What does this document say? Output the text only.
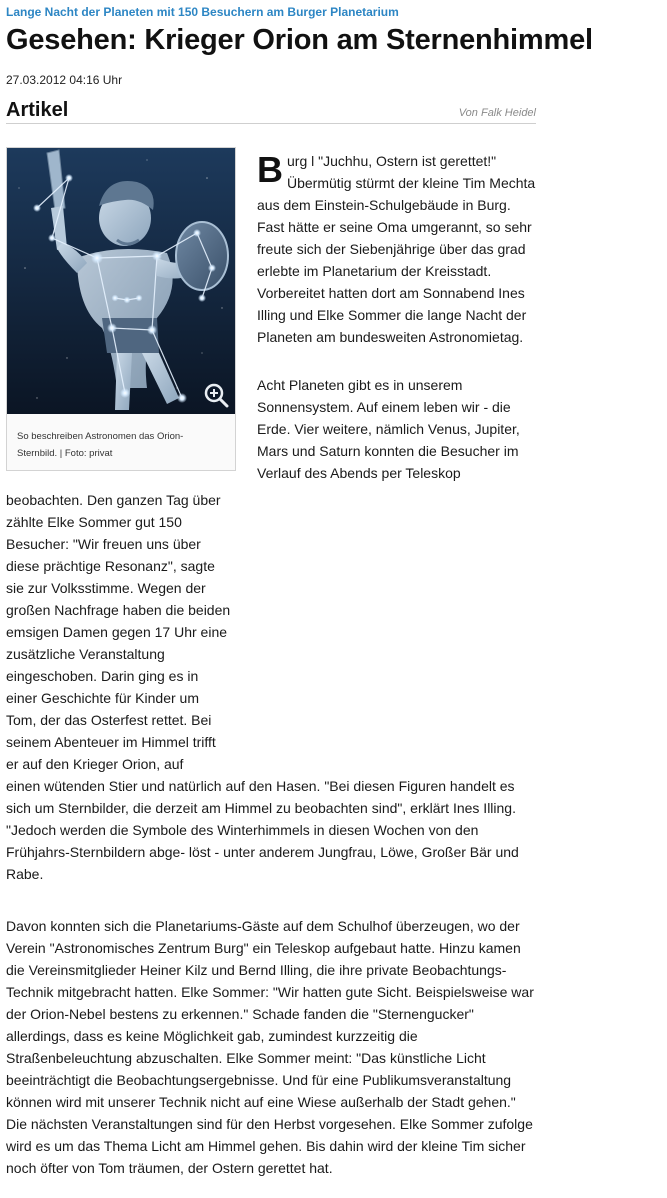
Lange Nacht der Planeten mit 150 Besuchern am Burger Planetarium
Gesehen: Krieger Orion am Sternenhimmel
27.03.2012 04:16 Uhr
Artikel	Von Falk Heidel
So beschreiben Astronomen das Orion-
Sternbild. | Foto: privat

Burg l "Juchhu, Ostern ist gerettet!" Übermütig stürmt der kleine Tim Mechta aus dem Einstein-Schulgebäude in Burg. Fast hätte er seine Oma umgerannt, so sehr freute sich der Siebenjährige über das grad erlebte im Planetarium der Kreisstadt. Vorbereitet hatten dort am Sonnabend Ines Illing und Elke Sommer die lange Nacht der Planeten am bundesweiten Astronomietag.

Acht Planeten gibt es in unserem Sonnensystem. Auf einem leben wir - die Erde. Vier weitere, nämlich Venus, Jupiter, Mars und Saturn konnten die Besucher im Verlauf des Abends per Teleskop

beobachten. Den ganzen Tag über zählte Elke Sommer gut 150 Besucher: "Wir freuen uns über diese prächtige Resonanz", sagte sie zur Volksstimme. Wegen der großen Nachfrage haben die beiden emsigen Damen gegen 17 Uhr eine zusätzliche Veranstaltung eingeschoben. Darin ging es in einer Geschichte für Kinder um Tom, der das Osterfest rettet. Bei seinem Abenteuer im Himmel trifft er auf den Krieger Orion, auf

einen wütenden Stier und natürlich auf den Hasen. "Bei diesen Figuren handelt es sich um Sternbilder, die derzeit am Himmel zu beobachten sind", erklärt Ines Illing. "Jedoch werden die Symbole des Winterhimmels in diesen Wochen von den Frühjahrs-Sternbildern abge- löst - unter anderem Jungfrau, Löwe, Großer Bär und Rabe.

Davon konnten sich die Planetariums-Gäste auf dem Schulhof überzeugen, wo der Verein "Astronomisches Zentrum Burg" ein Teleskop aufgebaut hatte. Hinzu kamen die Vereinsmitglieder Heiner Kilz und Bernd Illing, die ihre private Beobachtungs-Technik mitgebracht hatten. Elke Sommer: "Wir hatten gute Sicht. Beispielsweise war der Orion-Nebel bestens zu erkennen." Schade fanden die "Sternengucker" allerdings, dass es keine Möglichkeit gab, zumindest kurzzeitig die Straßenbeleuchtung abzuschalten. Elke Sommer meint: "Das künstliche Licht beeinträchtigt die Beobachtungsergebnisse. Und für eine Publikumsveranstaltung können wird mit unserer Technik nicht auf eine Wiese außerhalb der Stadt gehen." Die nächsten Veranstaltungen sind für den Herbst vorgesehen. Elke Sommer zufolge wird es um das Thema Licht am Himmel gehen. Bis dahin wird der kleine Tim sicher noch öfter von Tom träumen, der Ostern gerettet hat.
